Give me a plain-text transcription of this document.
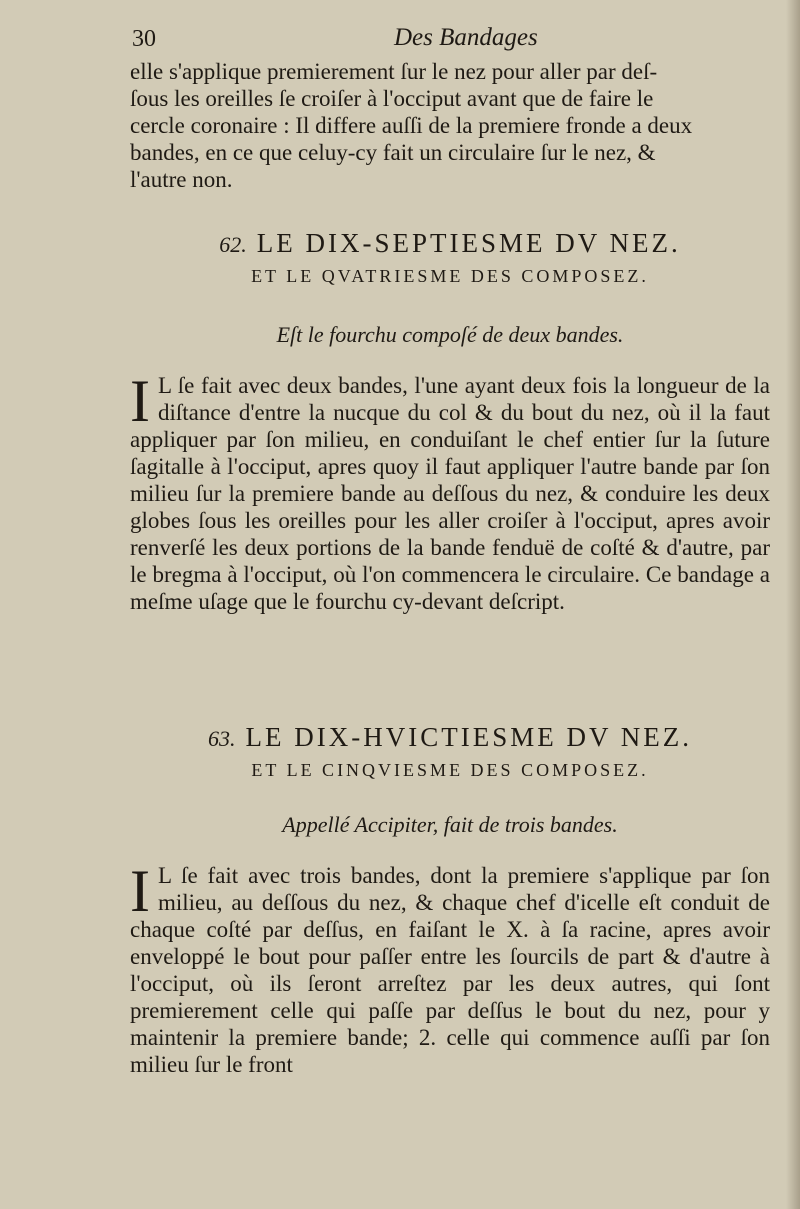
30	Des Bandages
elle s'applique premierement ſur le nez pour aller par deſ-
ſous les oreilles ſe croiſer à l'occiput avant que de faire le
cercle coronaire : Il differe auſſi de la premiere fronde a deux
bandes, en ce que celuy-cy fait un circulaire ſur le nez, &
l'autre non.
62. LE DIX-SEPTIESME DV NEZ.
ET LE QVATRIESME DES COMPOSEZ.
Eſt le fourchu compoſé de deux bandes.

I L ſe fait avec deux bandes, l'une ayant deux fois la longueur de la diſtance d'entre la nucque du col & du bout du nez, où il la faut appliquer par ſon milieu, en conduiſant le chef entier ſur la ſuture ſagitalle à l'occiput, apres quoy il faut appliquer l'autre bande par ſon milieu ſur la premiere bande au deſſous du nez, & conduire les deux globes ſous les oreilles pour les aller croiſer à l'occiput, apres avoir renverſé les deux portions de la bande fenduë de coſté & d'autre, par le bregma à l'occiput, où l'on commencera le circulaire. Ce bandage a meſme uſage que le fourchu cy-devant deſcript.

63. LE DIX-HVICTIESME DV NEZ.
ET LE CINQVIESME DES COMPOSEZ.
Appellé Accipiter, fait de trois bandes.

I L ſe fait avec trois bandes, dont la premiere s'applique par ſon milieu, au deſſous du nez, & chaque chef d'icelle eſt conduit de chaque coſté par deſſus, en faiſant le X. à ſa racine, apres avoir enveloppé le bout pour paſſer entre les ſourcils de part & d'autre à l'occiput, où ils ſeront arreſtez par les deux autres, qui ſont premierement celle qui paſſe par deſſus le bout du nez, pour y maintenir la premiere bande; 2. celle qui commence auſſi par ſon milieu ſur le front
